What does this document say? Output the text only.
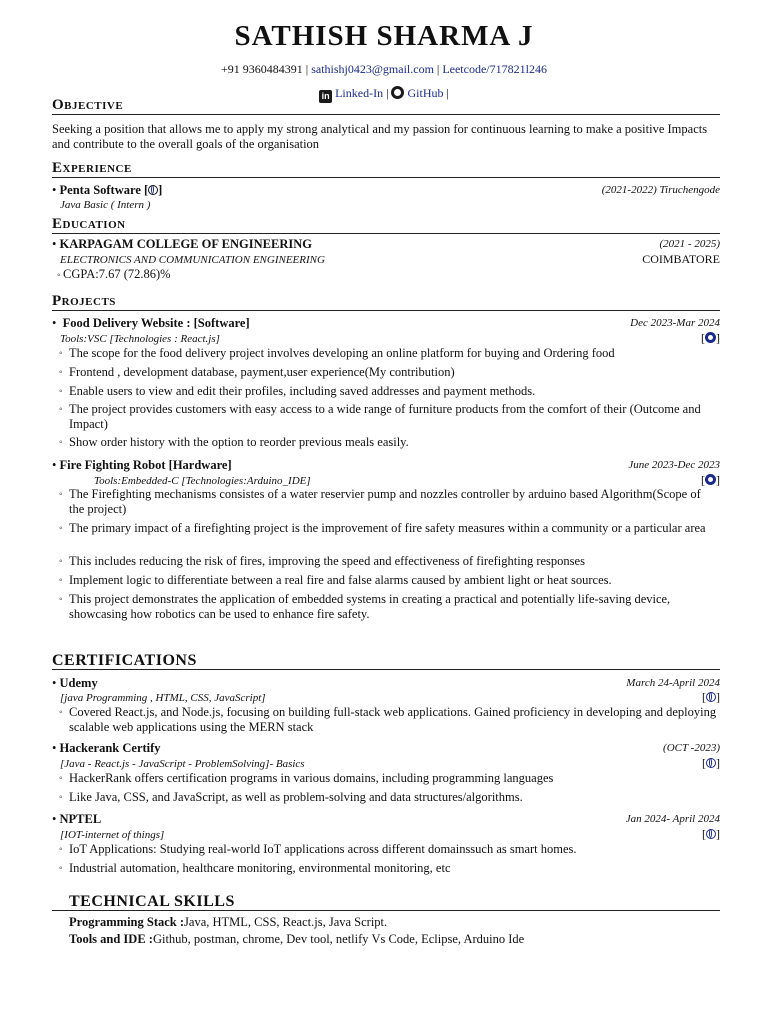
SATHISH SHARMA J
+91 9360484391 | sathishj0423@gmail.com | Leetcode/717821l246
in Linked-In | GitHub |
Objective
Seeking a position that allows me to apply my strong analytical and my passion for continuous learning to make a positive Impacts and contribute to the overall goals of the organisation
Experience
• Penta Software [ ]	(2021-2022) Tiruchengode
Java Basic ( Intern )
Education
• KARPAGAM COLLEGE OF ENGINEERING	(2021 - 2025)
ELECTRONICS AND COMMUNICATION ENGINEERING	COIMBATORE
◦ CGPA:7.67 (72.86)%
Projects
•  Food Delivery Website : [Software]	Dec 2023-Mar 2024
Tools:VSC [Technologies : React.js]	[ ]
◦ The scope for the food delivery project involves developing an online platform for buying and Ordering food
◦ Frontend , development database, payment,user experience(My contribution)
◦ Enable users to view and edit their profiles, including saved addresses and payment methods.
◦ The project provides customers with easy access to a wide range of furniture products from the comfort of their (Outcome and Impact)
◦ Show order history with the option to reorder previous meals easily.
• Fire Fighting Robot [Hardware]	June 2023-Dec 2023
Tools:Embedded-C [Technologies:Arduino_IDE]	[ ]
◦ The Firefighting mechanisms consistes of a water reservier pump and nozzles controller by arduino based Algorithm(Scope of the project)
◦ The primary impact of a firefighting project is the improvement of fire safety measures within a community or a particular area
◦ This includes reducing the risk of fires, improving the speed and effectiveness of firefighting responses
◦ Implement logic to differentiate between a real fire and false alarms caused by ambient light or heat sources.
◦ This project demonstrates the application of embedded systems in creating a practical and potentially life-saving device, showcasing how robotics can be used to enhance fire safety.
CERTIFICATIONS
• Udemy	March 24-April 2024
[java Programming , HTML, CSS, JavaScript]	[ ]
◦ Covered React.js, and Node.js, focusing on building full-stack web applications. Gained proficiency in developing and deploying scalable web applications using the MERN stack
• Hackerank Certify	(OCT -2023)
[Java - React.js - JavaScript - ProblemSolving]- Basics	[ ]
◦ HackerRank offers certification programs in various domains, including programming languages
◦ Like Java, CSS, and JavaScript, as well as problem-solving and data structures/algorithms.
• NPTEL	Jan 2024- April 2024
[IOT-internet of things]	[ ]
◦ IoT Applications: Studying real-world IoT applications across different domainssuch as smart homes.
◦ Industrial automation, healthcare monitoring, environmental monitoring, etc
TECHNICAL SKILLS
Programming Stack :Java, HTML, CSS, React.js, Java Script.
Tools and IDE :Github, postman, chrome, Dev tool, netlify Vs Code, Eclipse, Arduino Ide
